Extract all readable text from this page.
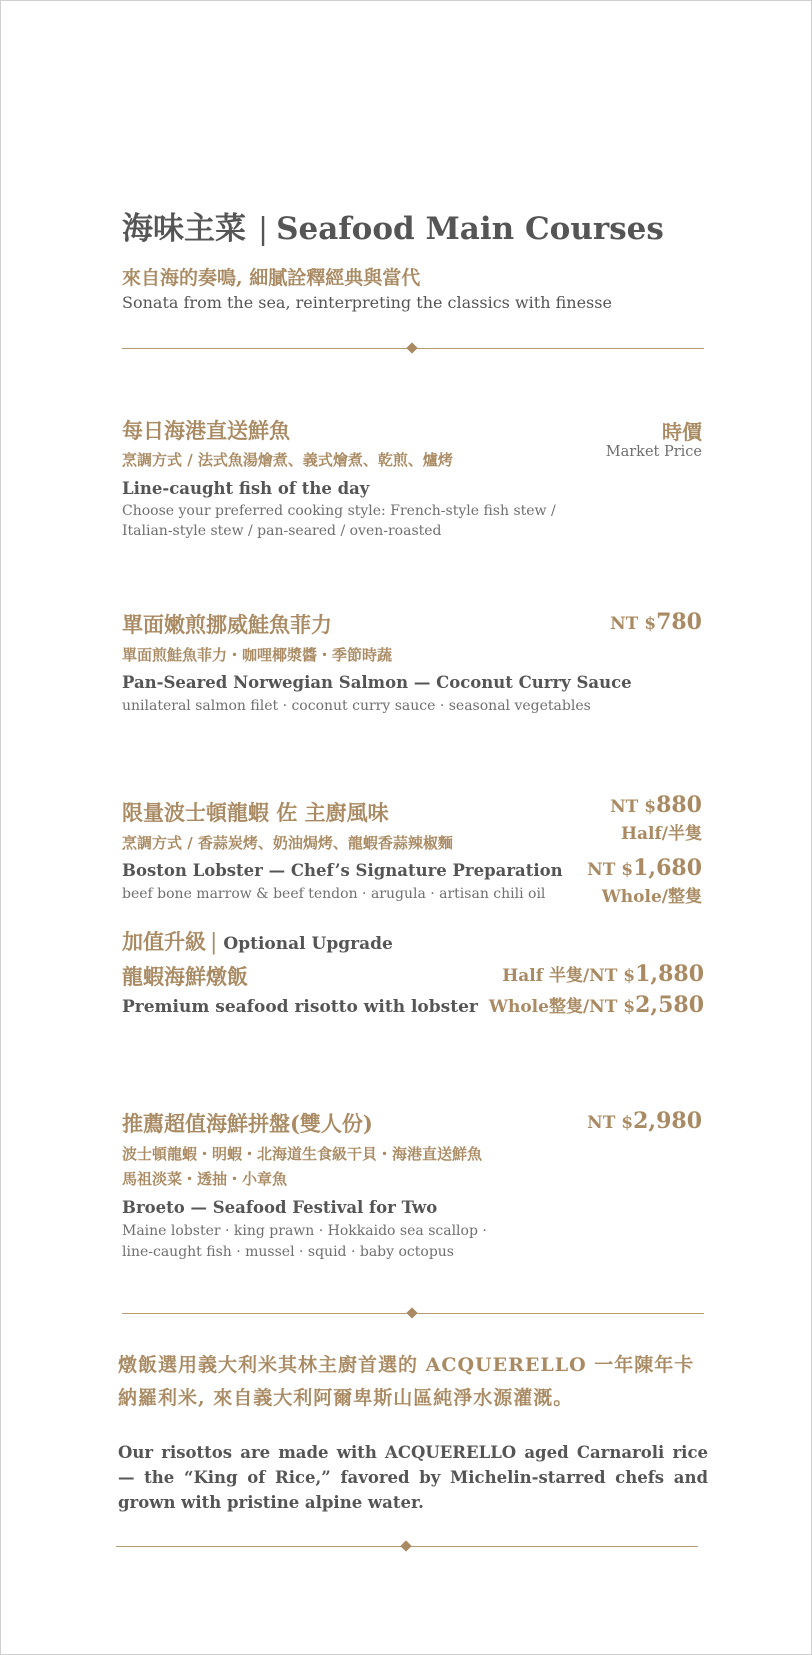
海味主菜 | Seafood Main Courses
來自海的奏鳴, 細膩詮釋經典與當代
Sonata from the sea, reinterpreting the classics with finesse
每日海港直送鮮魚
烹調方式 / 法式魚湯燴煮、義式燴煮、乾煎、爐烤
Line-caught fish of the day
Choose your preferred cooking style: French-style fish stew /
Italian-style stew / pan-seared / oven-roasted
時價
Market Price
單面嫩煎挪威鮭魚菲力
單面煎鮭魚菲力・咖哩椰漿醬・季節時蔬
Pan-Seared Norwegian Salmon — Coconut Curry Sauce
unilateral salmon filet · coconut curry sauce · seasonal vegetables
NT $780
限量波士頓龍蝦 佐 主廚風味
烹調方式 / 香蒜炭烤、奶油焗烤、龍蝦香蒜辣椒麵
Boston Lobster — Chef’s Signature Preparation
beef bone marrow & beef tendon · arugula · artisan chili oil
NT $880
Half/半隻
NT $1,680
Whole/整隻
加值升級 | Optional Upgrade
龍蝦海鮮燉飯
Premium seafood risotto with lobster
Half 半隻/NT $1,880
Whole整隻/NT $2,580
推薦超值海鮮拼盤(雙人份)
波士頓龍蝦・明蝦・北海道生食級干貝・海港直送鮮魚
馬祖淡菜・透抽・小章魚
Broeto — Seafood Festival for Two
Maine lobster · king prawn · Hokkaido sea scallop ·
line-caught fish · mussel · squid · baby octopus
NT $2,980
燉飯選用義大利米其林主廚首選的 ACQUERELLO 一年陳年卡納羅利米, 來自義大利阿爾卑斯山區純淨水源灌溉。
Our risottos are made with ACQUERELLO aged Carnaroli rice — the “King of Rice,” favored by Michelin-starred chefs and grown with pristine alpine water.
